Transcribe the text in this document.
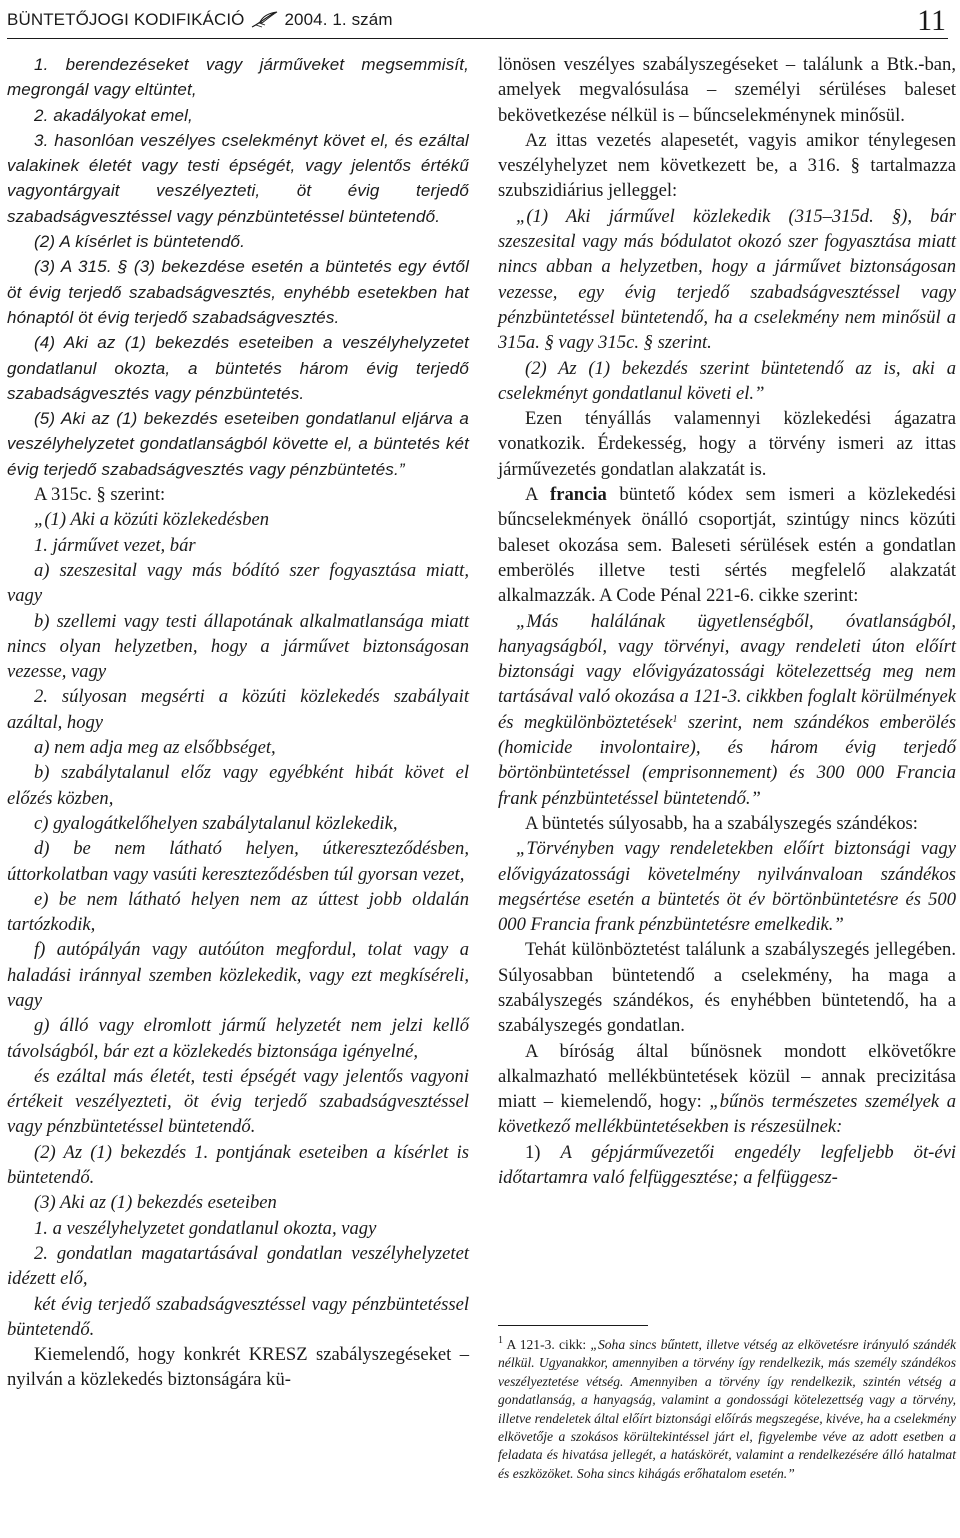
BÜNTETŐJOGI KODIFIKÁCIÓ 2004. 1. szám	11

1. berendezéseket vagy járműveket megsemmisít, megrongál vagy eltüntet,

2. akadályokat emel,

3. hasonlóan veszélyes cselekményt követ el, és ezáltal valakinek életét vagy testi épségét, vagy jelentős értékű vagyontárgyait veszélyezteti, öt évig terjedő szabadságvesztéssel vagy pénzbüntetéssel büntetendő.

(2) A kísérlet is büntetendő.

(3) A 315. § (3) bekezdése esetén a büntetés egy évtől öt évig terjedő szabadságvesztés, enyhébb esetekben hat hónaptól öt évig terjedő szabadságvesztés.

(4) Aki az (1) bekezdés eseteiben a veszélyhelyzetet gondatlanul okozta, a büntetés három évig terjedő szabadságvesztés vagy pénzbüntetés.

(5) Aki az (1) bekezdés eseteiben gondatlanul eljárva a veszélyhelyzetet gondatlanságból követte el, a büntetés két évig terjedő szabadságvesztés vagy pénzbüntetés.”

A 315c. § szerint:

„(1) Aki a közúti közlekedésben

1. járművet vezet, bár

a) szeszesital vagy más bódító szer fogyasztása miatt, vagy

b) szellemi vagy testi állapotának alkalmatlansága miatt nincs olyan helyzetben, hogy a járművet biztonságosan vezesse, vagy

2. súlyosan megsérti a közúti közlekedés szabályait azáltal, hogy

a) nem adja meg az elsőbbséget,

b) szabálytalanul előz vagy egyébként hibát követ el előzés közben,

c) gyalogátkelőhelyen szabálytalanul közlekedik,

d) be nem látható helyen, útkereszteződésben, úttorkolatban vagy vasúti kereszteződésben túl gyorsan vezet,

e) be nem látható helyen nem az úttest jobb oldalán tartózkodik,

f) autópályán vagy autóúton megfordul, tolat vagy a haladási iránnyal szemben közlekedik, vagy ezt megkíséreli, vagy

g) álló vagy elromlott jármű helyzetét nem jelzi kellő távolságból, bár ezt a közlekedés biztonsága igényelné,

és ezáltal más életét, testi épségét vagy jelentős vagyoni értékeit veszélyezteti, öt évig terjedő szabadságvesztéssel vagy pénzbüntetéssel büntetendő.

(2) Az (1) bekezdés 1. pontjának eseteiben a kísérlet is büntetendő.

(3) Aki az (1) bekezdés eseteiben

1. a veszélyhelyzetet gondatlanul okozta, vagy

2. gondatlan magatartásával gondatlan veszélyhelyzetet idézett elő,

két évig terjedő szabadságvesztéssel vagy pénzbüntetéssel büntetendő.

Kiemelendő, hogy konkrét KRESZ szabályszegéseket – nyilván a közlekedés biztonságára kü-

lönösen veszélyes szabályszegéseket – találunk a Btk.-ban, amelyek megvalósulása – személyi sérüléses baleset bekövetkezése nélkül is – bűncselekménynek minősül.

Az ittas vezetés alapesetét, vagyis amikor ténylegesen veszélyhelyzet nem következett be, a 316. § tartalmazza szubszidiárius jelleggel:

„(1) Aki járművel közlekedik (315–315d. §), bár szeszesital vagy más bódulatot okozó szer fogyasztása miatt nincs abban a helyzetben, hogy a járművet biztonságosan vezesse, egy évig terjedő szabadságvesztéssel vagy pénzbüntetéssel büntetendő, ha a cselekmény nem minősül a 315a. § vagy 315c. § szerint.

(2) Az (1) bekezdés szerint büntetendő az is, aki a cselekményt gondatlanul követi el.”

Ezen tényállás valamennyi közlekedési ágazatra vonatkozik. Érdekesség, hogy a törvény ismeri az ittas járművezetés gondatlan alakzatát is.

A francia büntető kódex sem ismeri a közlekedési bűncselekmények önálló csoportját, szintúgy nincs közúti baleset okozása sem. Baleseti sérülések estén a gondatlan emberölés illetve testi sértés megfelelő alakzatát alkalmazzák. A Code Pénal 221-6. cikke szerint:

„Más halálának ügyetlenségből, óvatlanságból, hanyagságból, vagy törvényi, avagy rendeleti úton előírt biztonsági vagy elővigyázatossági kötelezettség meg nem tartásával való okozása a 121-3. cikkben foglalt körülmények és megkülönböztetések$^1$ szerint, nem szándékos emberölés (homicide involontaire), és három évig terjedő börtönbüntetéssel (emprisonnement) és 300 000 Francia frank pénzbüntetéssel büntetendő.”

A büntetés súlyosabb, ha a szabályszegés szándékos:

„Törvényben vagy rendeletekben előírt biztonsági vagy elővigyázatossági követelmény nyilvánvaloan szándékos megsértése esetén a büntetés öt év börtönbüntetésre és 500 000 Francia frank pénzbüntetésre emelkedik.”

Tehát különböztetést találunk a szabályszegés jellegében. Súlyosabban büntetendő a cselekmény, ha maga a szabályszegés szándékos, és enyhébben büntetendő, ha a szabályszegés gondatlan.

A bíróság által bűnösnek mondott elkövetőkre alkalmazható mellékbüntetések közül – annak precizitása miatt – kiemelendő, hogy: „bűnös természetes személyek a következő mellékbüntetésekben is részesülnek:

1) A gépjárművezetői engedély legfeljebb öt-évi időtartamra való felfüggesztése; a felfüggesz-

$^1$ A 121-3. cikk: „Soha sincs bűntett, illetve vétség az elkövetésre irányuló szándék nélkül. Ugyanakkor, amennyiben a törvény így rendelkezik, más személy szándékos veszélyeztetése vétség. Amennyiben a törvény így rendelkezik, szintén vétség a gondatlanság, a hanyagság, valamint a gondossági kötelezettség vagy a törvény, illetve rendeletek által előírt biztonsági előírás megszegése, kivéve, ha a cselekmény elkövetője a szokásos körültekintéssel járt el, figyelembe véve az adott esetben a feladata és hivatása jellegét, a hatáskörét, valamint a rendelkezésére álló hatalmat és eszközöket. Soha sincs kihágás erőhatalom esetén.”
